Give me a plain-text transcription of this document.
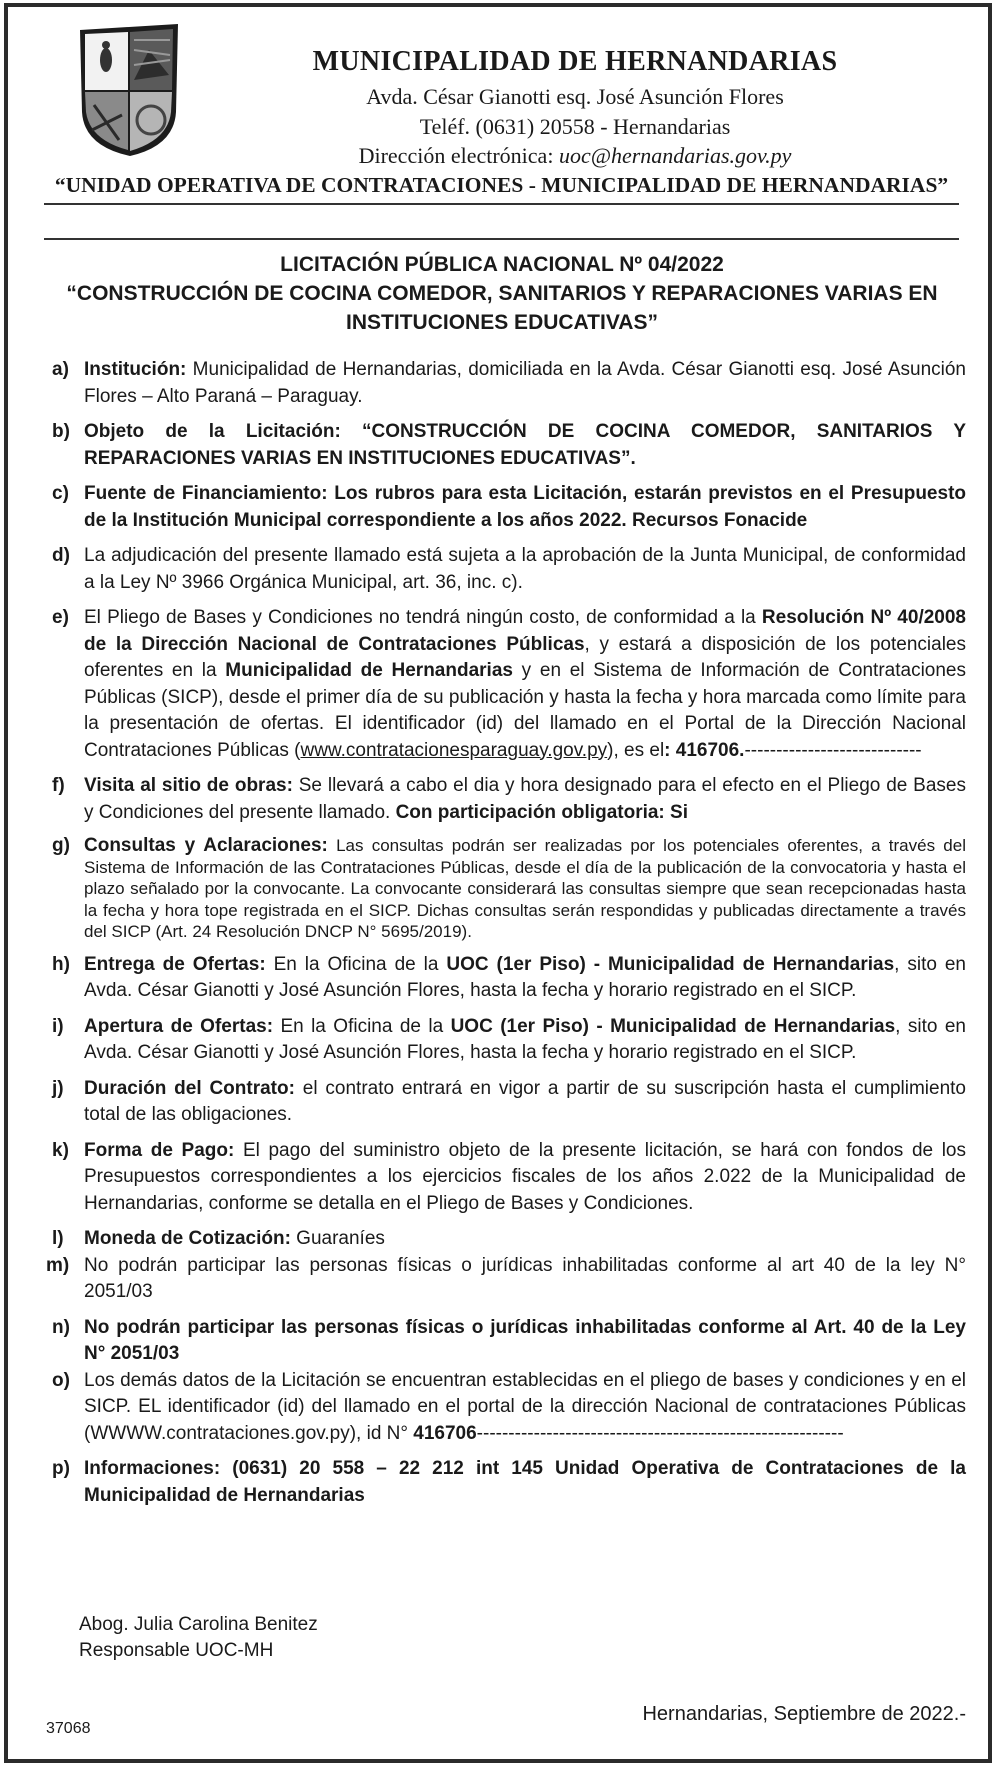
MUNICIPALIDAD DE HERNANDARIAS
Avda. César Gianotti esq. José Asunción Flores
Teléf. (0631) 20558 - Hernandarias
Dirección electrónica: uoc@hernandarias.gov.py
“UNIDAD OPERATIVA DE CONTRATACIONES - MUNICIPALIDAD DE HERNANDARIAS”
LICITACIÓN PÚBLICA NACIONAL Nº 04/2022
“CONSTRUCCIÓN DE COCINA COMEDOR, SANITARIOS Y REPARACIONES VARIAS EN
INSTITUCIONES EDUCATIVAS”
a) Institución: Municipalidad de Hernandarias, domiciliada en la Avda. César Gianotti esq. José Asunción Flores – Alto Paraná – Paraguay.
b) Objeto de la Licitación: “CONSTRUCCIÓN DE COCINA COMEDOR, SANITARIOS Y REPARACIONES VARIAS EN INSTITUCIONES EDUCATIVAS”.
c) Fuente de Financiamiento: Los rubros para esta Licitación, estarán previstos en el Presupuesto de la Institución Municipal correspondiente a los años 2022. Recursos Fonacide
d) La adjudicación del presente llamado está sujeta a la aprobación de la Junta Municipal, de conformidad a la Ley Nº 3966 Orgánica Municipal, art. 36, inc. c).
e) El Pliego de Bases y Condiciones no tendrá ningún costo, de conformidad a la Resolución Nº 40/2008 de la Dirección Nacional de Contrataciones Públicas, y estará a disposición de los potenciales oferentes en la Municipalidad de Hernandarias y en el Sistema de Información de Contrataciones Públicas (SICP), desde el primer día de su publicación y hasta la fecha y hora marcada como límite para la presentación de ofertas. El identificador (id) del llamado en el Portal de la Dirección Nacional Contrataciones Públicas (www.contratacionesparaguay.gov.py), es el: 416706.----------------------------
f) Visita al sitio de obras: Se llevará a cabo el dia y hora designado para el efecto en el Pliego de Bases y Condiciones del presente llamado. Con participación obligatoria: Si
g) Consultas y Aclaraciones: Las consultas podrán ser realizadas por los potenciales oferentes, a través del Sistema de Información de las Contrataciones Públicas, desde el día de la publicación de la convocatoria y hasta el plazo señalado por la convocante. La convocante considerará las consultas siempre que sean recepcionadas hasta la fecha y hora tope registrada en el SICP. Dichas consultas serán respondidas y publicadas directamente a través del SICP (Art. 24 Resolución DNCP N° 5695/2019).
h) Entrega de Ofertas: En la Oficina de la UOC (1er Piso) - Municipalidad de Hernandarias, sito en Avda. César Gianotti y José Asunción Flores, hasta la fecha y horario registrado en el SICP.
i) Apertura de Ofertas: En la Oficina de la UOC (1er Piso) - Municipalidad de Hernandarias, sito en Avda. César Gianotti y José Asunción Flores, hasta la fecha y horario registrado en el SICP.
j) Duración del Contrato: el contrato entrará en vigor a partir de su suscripción hasta el cumplimiento total de las obligaciones.
k) Forma de Pago: El pago del suministro objeto de la presente licitación, se hará con fondos de los Presupuestos correspondientes a los ejercicios fiscales de los años 2.022 de la Municipalidad de Hernandarias, conforme se detalla en el Pliego de Bases y Condiciones.
l) Moneda de Cotización: Guaraníes
m) No podrán participar las personas físicas o jurídicas inhabilitadas conforme al art 40 de la ley N° 2051/03
n) No podrán participar las personas físicas o jurídicas inhabilitadas conforme al Art. 40 de la Ley N° 2051/03
o) Los demás datos de la Licitación se encuentran establecidas en el pliego de bases y condiciones y en el SICP. EL identificador (id) del llamado en el portal de la dirección Nacional de contrataciones Públicas (WWWW.contrataciones.gov.py), id N° 416706----------------------------------------------------------
p) Informaciones: (0631) 20 558 – 22 212 int 145 Unidad Operativa de Contrataciones de la Municipalidad de Hernandarias
Abog. Julia Carolina Benitez
Responsable UOC-MH
37068
Hernandarias, Septiembre de 2022.-
